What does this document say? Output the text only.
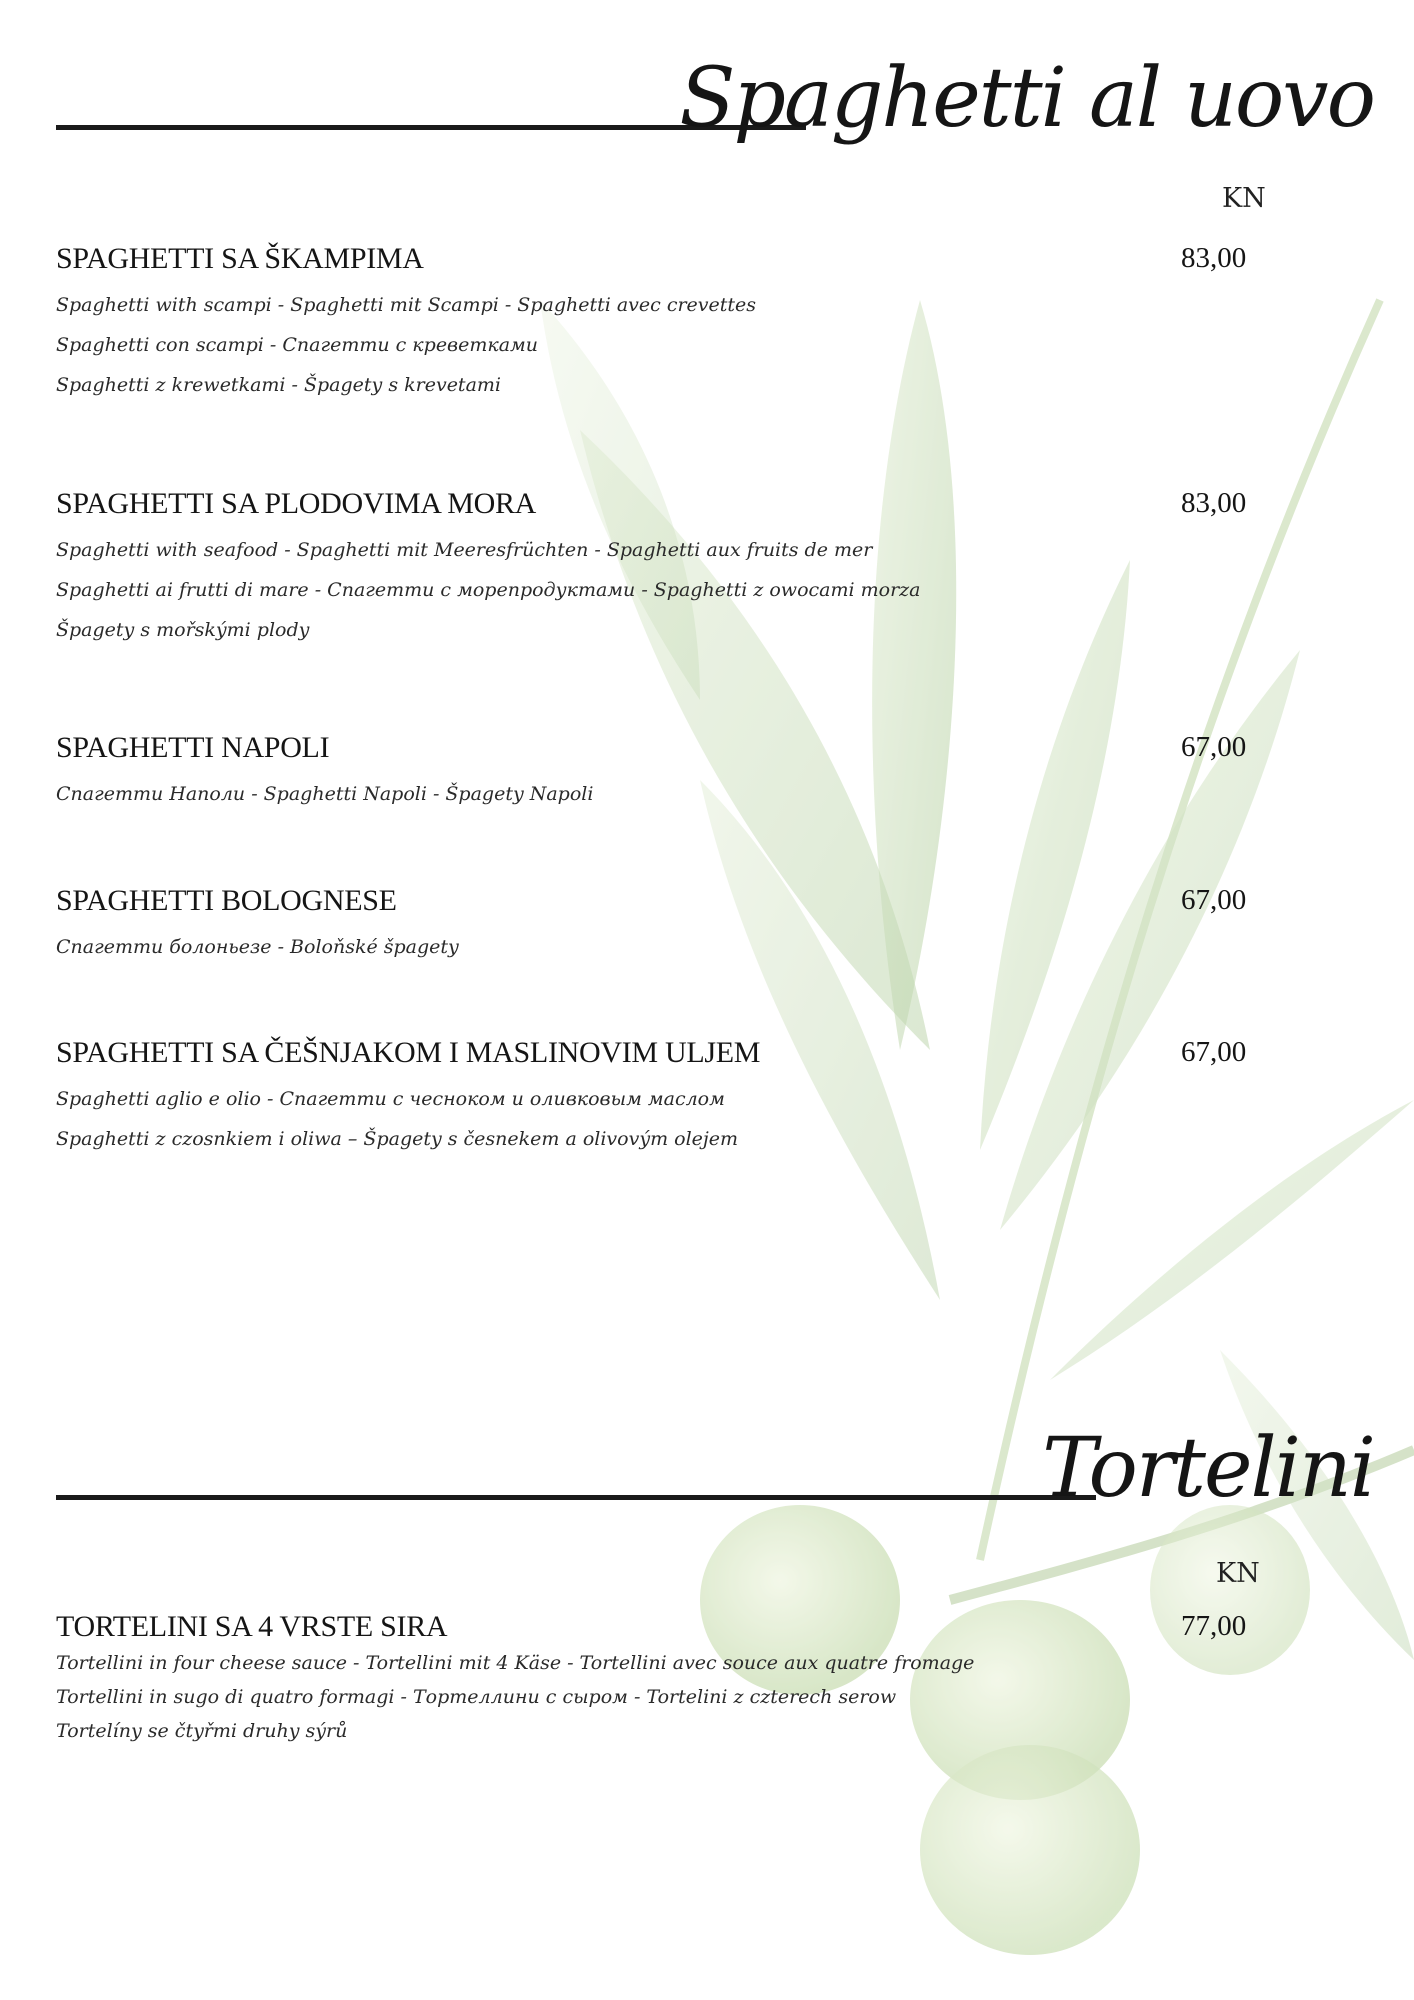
Spaghetti al uovo
KN
SPAGHETTI SA ŠKAMPIMA	83,00
Spaghetti with scampi - Spaghetti mit Scampi - Spaghetti avec crevettes
Spaghetti con scampi - Спагетти с креветками
Spaghetti z krewetkami - Špagety s krevetami
SPAGHETTI SA PLODOVIMA MORA	83,00
Spaghetti with seafood - Spaghetti mit Meeresfrüchten - Spaghetti aux fruits de mer
Spaghetti ai frutti di mare - Спагетти с морепродуктами - Spaghetti z owocami morza
Špagety s mořskými plody
SPAGHETTI NAPOLI	67,00
Спагетти Наполи - Spaghetti Napoli - Špagety Napoli
SPAGHETTI BOLOGNESE	67,00
Спагетти болоньезе - Boloňské špagety
SPAGHETTI SA ČEŠNJAKOM I MASLINOVIM ULJEM	67,00
Spaghetti aglio e olio - Спагетти с чесноком и оливковым маслом
Spaghetti z czosnkiem i oliwa – Špagety s česnekem a olivovým olejem
Tortelini
KN
TORTELINI SA 4 VRSTE SIRA	77,00
Tortellini in four cheese sauce - Tortellini mit 4 Käse - Tortellini avec souce aux quatre fromage
Tortellini in sugo di quatro formagi - Тортеллини с сыром - Tortelini z czterech serow
Tortelíny se čtyřmi druhy sýrů
